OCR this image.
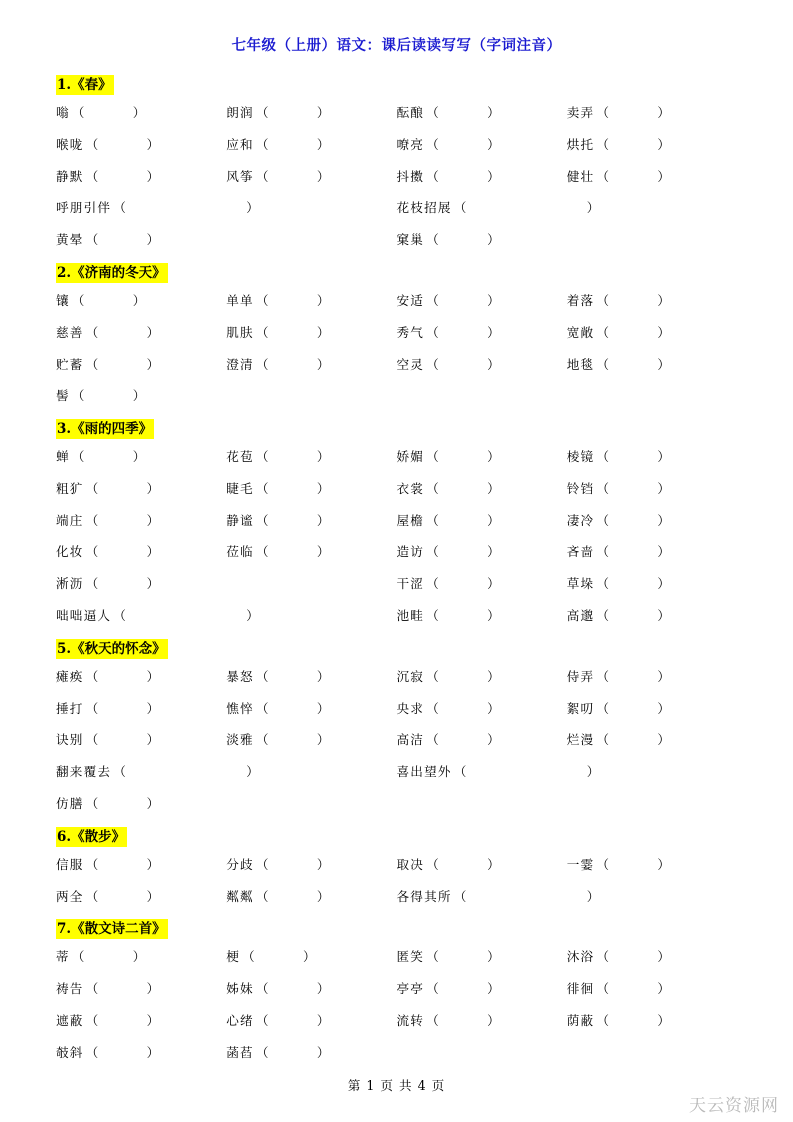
七年级（上册）语文：课后读读写写（字词注音）
1.《春》
嗡 （	）	朗润 （	）	酝酿 （	）	卖弄 （	）
喉咙 （	）	应和 （	）	嘹亮 （	）	烘托 （	）
静默 （	）	风筝 （	）	抖擞 （	）	健壮 （	）
呼朋引伴 （	）	花枝招展 （	）
黄晕 （	）	窠巢 （	）
2.《济南的冬天》
镶 （	）	单单 （	）	安适 （	）	着落 （	）
慈善 （	）	肌肤 （	）	秀气 （	）	宽敞 （	）
贮蓄 （	）	澄清 （	）	空灵 （	）	地毯 （	）
髻 （	）
3.《雨的四季》
蝉 （	）	花苞 （	）	娇媚 （	）	棱镜 （	）
粗犷 （	）	睫毛 （	）	衣裳 （	）	铃铛 （	）
端庄 （	）	静谧 （	）	屋檐 （	）	凄冷 （	）
化妆 （	）	莅临 （	）	造访 （	）	吝啬 （	）
淅沥 （	）	干涩 （	）	草垛 （	）
咄咄逼人 （	）	池畦 （	）	高邈 （	）
5.《秋天的怀念》
瘫痪 （	）	暴怒 （	）	沉寂 （	）	侍弄 （	）
捶打 （	）	憔悴 （	）	央求 （	）	絮叨 （	）
诀别 （	）	淡雅 （	）	高洁 （	）	烂漫 （	）
翻来覆去 （	）	喜出望外 （	）
仿膳 （	）
6.《散步》
信服 （	）	分歧 （	）	取决 （	）	一霎 （	）
两全 （	）	粼粼 （	）	各得其所 （	）
7.《散文诗二首》
蒂 （	）	梗 （	）	匿笑 （	）	沐浴 （	）
祷告 （	）	姊妹 （	）	亭亭 （	）	徘徊 （	）
遮蔽 （	）	心绪 （	）	流转 （	）	荫蔽 （	）
攲斜 （	）	菡萏 （	）
第 1 页 共 4 页
天云资源网
